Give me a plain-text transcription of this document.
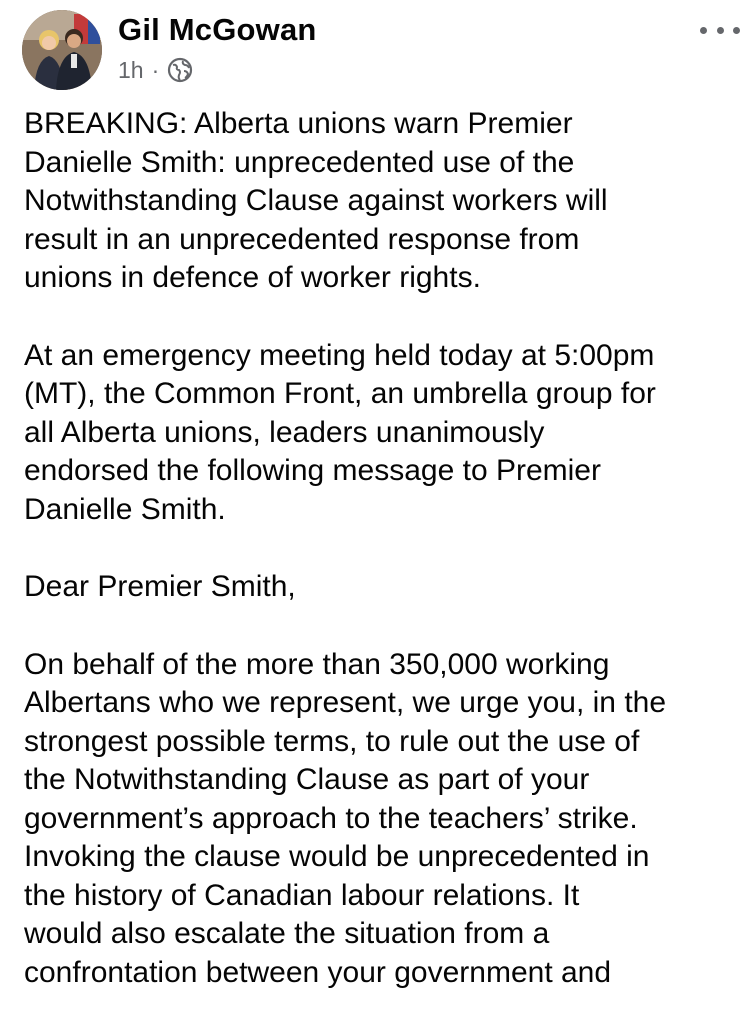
Gil McGowan
1h ·

BREAKING: Alberta unions warn Premier
Danielle Smith: unprecedented use of the
Notwithstanding Clause against workers will
result in an unprecedented response from
unions in defence of worker rights.

At an emergency meeting held today at 5:00pm
(MT), the Common Front, an umbrella group for
all Alberta unions, leaders unanimously
endorsed the following message to Premier
Danielle Smith.

Dear Premier Smith,

On behalf of the more than 350,000 working
Albertans who we represent, we urge you, in the
strongest possible terms, to rule out the use of
the Notwithstanding Clause as part of your
government’s approach to the teachers’ strike.
Invoking the clause would be unprecedented in
the history of Canadian labour relations. It
would also escalate the situation from a
confrontation between your government and
